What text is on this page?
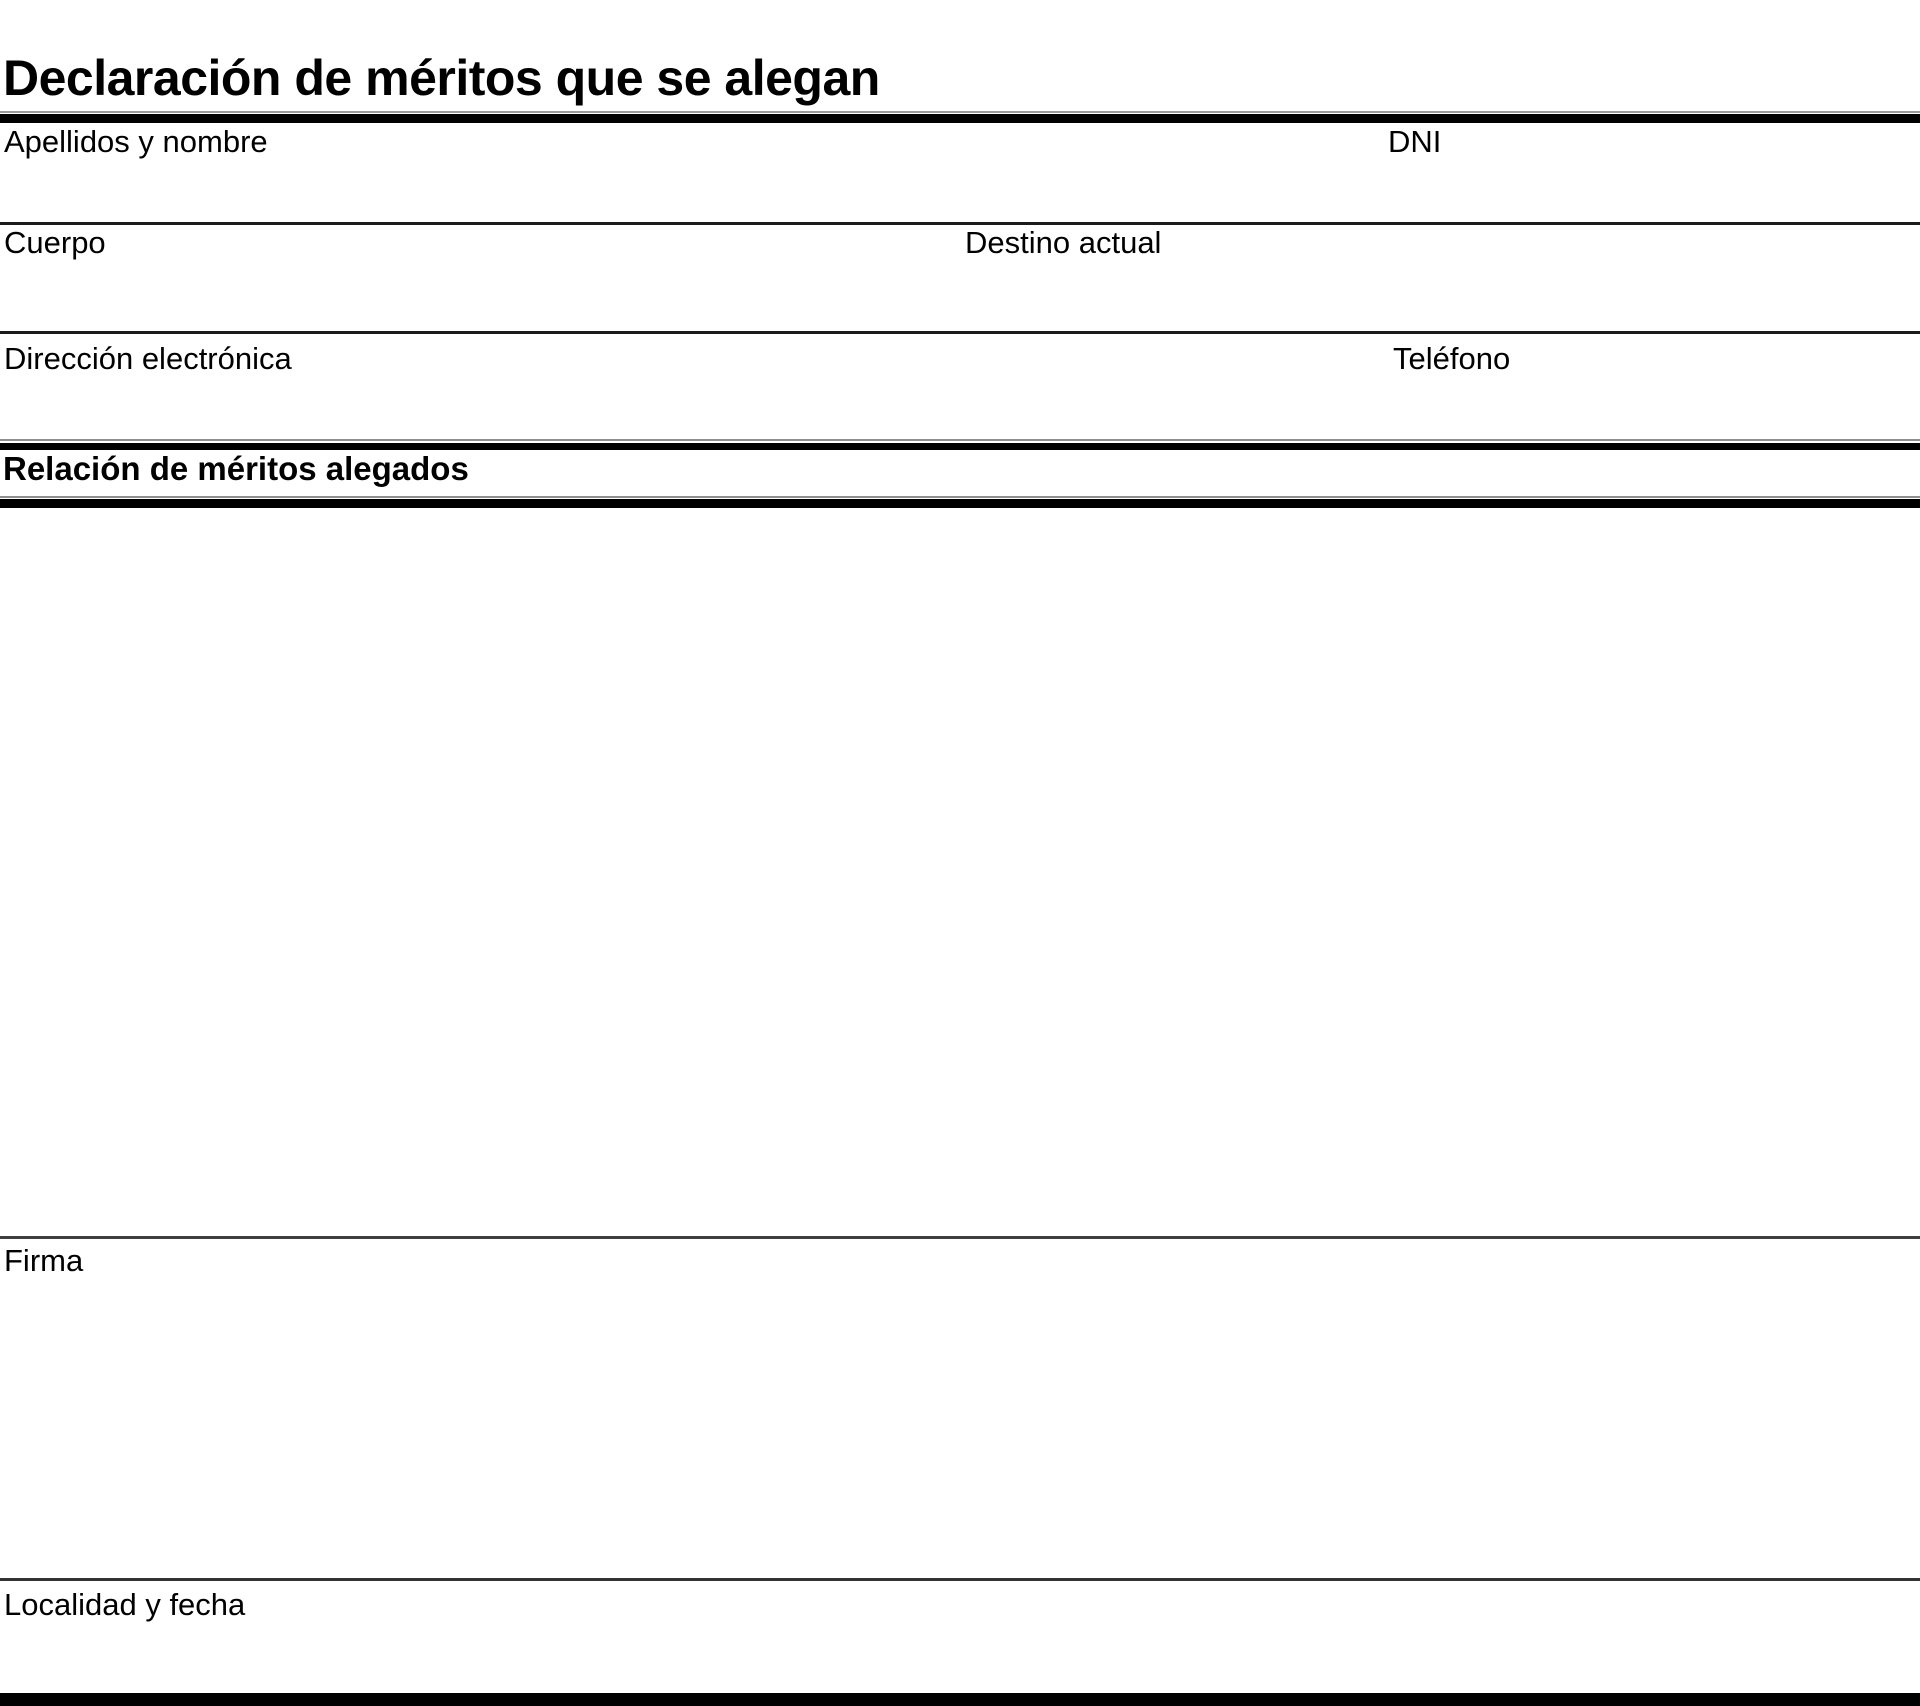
Declaración de méritos que se alegan
Apellidos y nombre	DNI
Cuerpo	Destino actual
Dirección electrónica	Teléfono
Relación de méritos alegados
Firma
Localidad y fecha
